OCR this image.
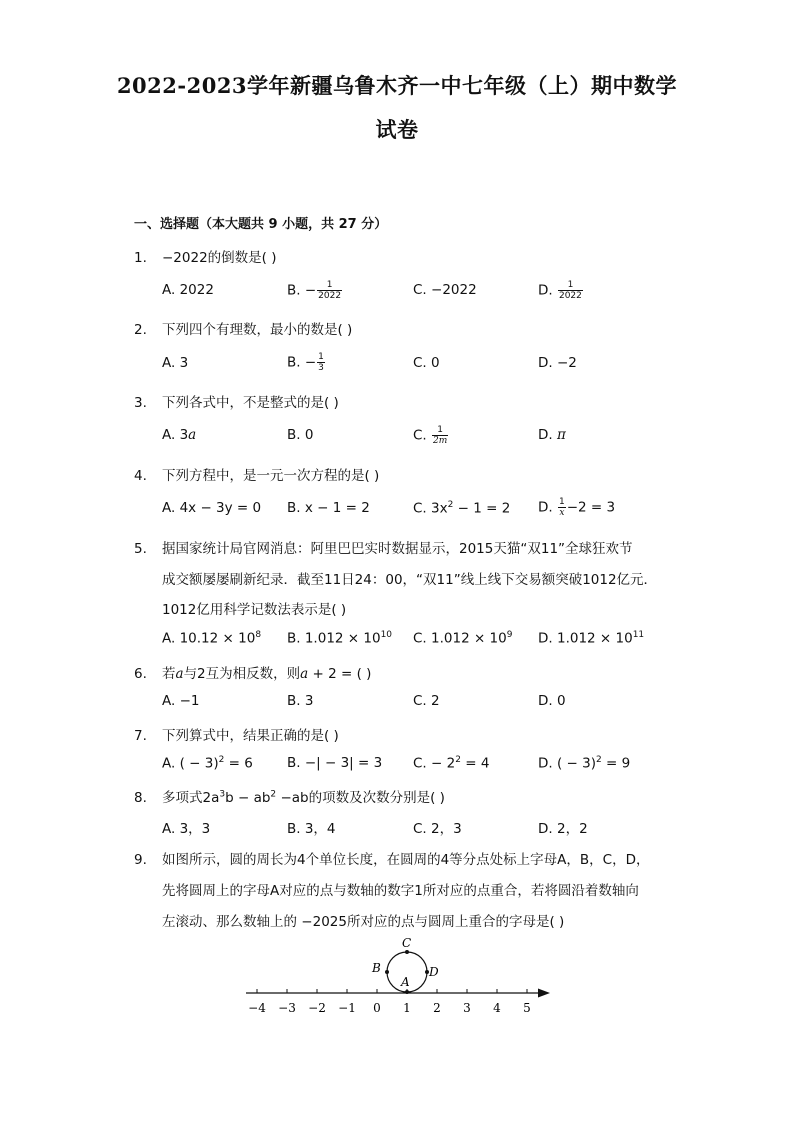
2022-2023学年新疆乌鲁木齐一中七年级（上）期中数学
试卷
一、选择题（本大题共 9 小题，共 27 分）
1. −2022的倒数是( )
A. 2022	B. − $\frac{1}{2022}$	C. −2022	D. $\frac{1}{2022}$
2. 下列四个有理数，最小的数是( )
A. 3	B. − $\frac{1}{3}$	C. 0	D. −2
3. 下列各式中，不是整式的是( )
A. 3a	B. 0	C. $\frac{1}{2m}$	D. π
4. 下列方程中，是一元一次方程的是( )
A. 4x − 3y = 0 B. x − 1 = 2	C. $3x^2 - 1 = 2$ D. $\frac{1}{x} -2 = 3$
5. 据国家统计局官网消息：阿里巴巴实时数据显示，2015天猫“双11”全球狂欢节
成交额屡屡刷新纪录．截至11日24：00，“双11”线上线下交易额突破1012亿元．
1012亿用科学记数法表示是( )
A. $10.12 \times 10^8$ B. $1.012 \times 10^{10}$ C. $1.012 \times 10^9$ D. $1.012 \times 10^{11}$
6. 若a与2互为相反数，则a + 2 = ( )
A. −1	B. 3	C. 2	D. 0
7. 下列算式中，结果正确的是( )
A. ( − 3)$^2$ = 6	B. −| − 3| = 3 C. − $2^2 = 4$	D. ( − 3)$^2$ = 9
8. 多项式$2a^3b - ab^2 -ab$的项数及次数分别是( )
A. 3，3	B. 3，4	C. 2，3	D. 2，2
9. 如图所示，圆的周长为4个单位长度，在圆周的4等分点处标上字母A，B，C，D，
先将圆周上的字母A对应的点与数轴的数字1所对应的点重合，若将圆沿着数轴向
左滚动、那么数轴上的 −2025所对应的点与圆周上重合的字母是( )
−4 −3 −2 −1 0 1 2 3 4 5
A
B
C
D
